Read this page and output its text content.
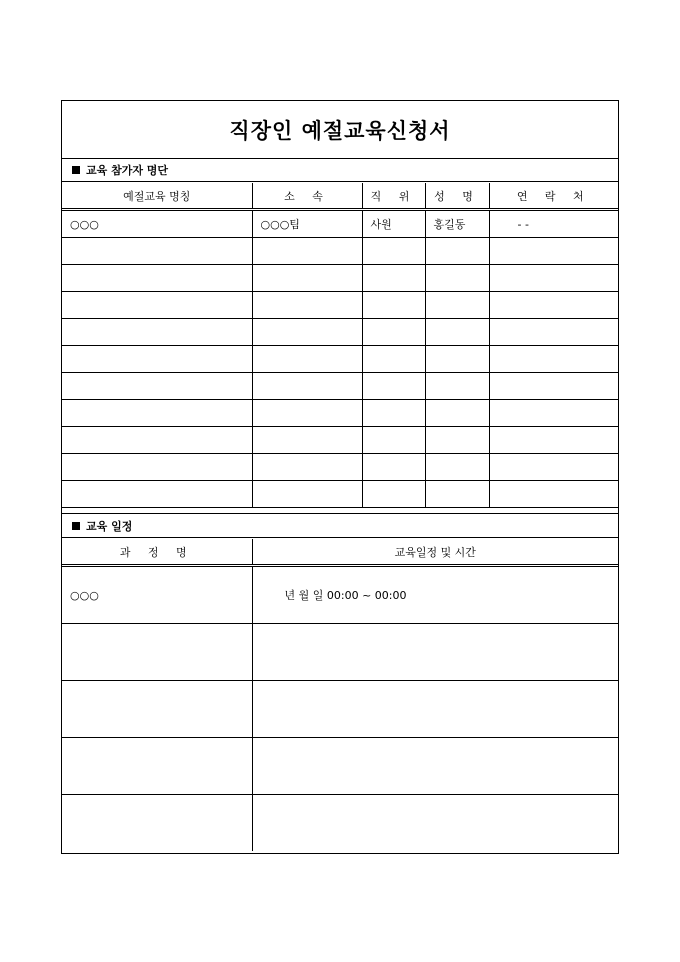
직장인 예절교육신청서
교육 참가자 명단
예절교육 명칭	소 속	직 위	성 명	연 락 처
○○○	○○○팀	사원	홍길동	- -

교육 일정
과 정 명	교육일정 및 시간
○○○	년 월 일 00:00 ~ 00:00
